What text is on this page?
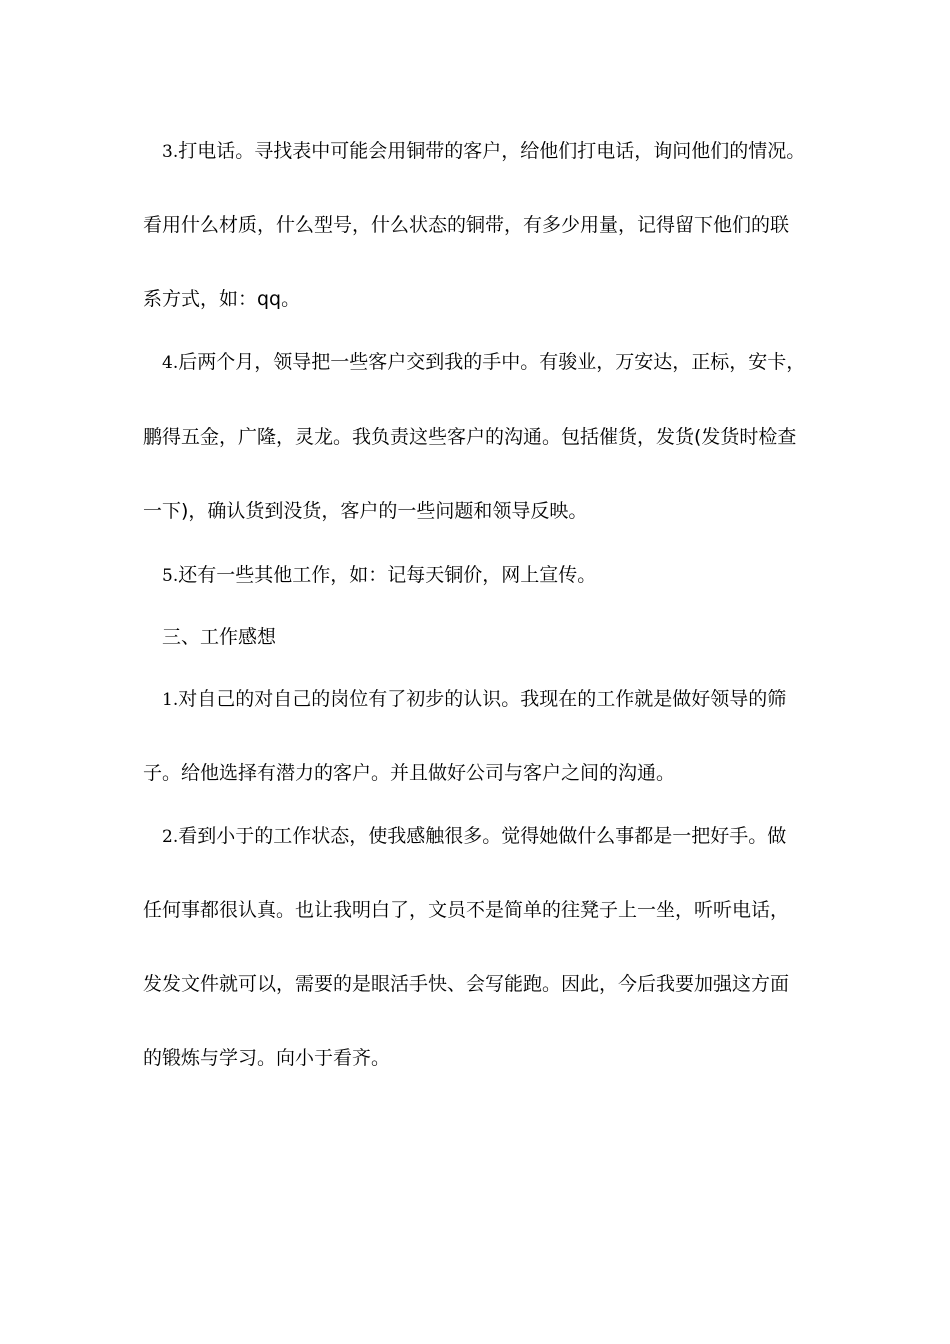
3.打电话。寻找表中可能会用铜带的客户，给他们打电话，询问他们的情况。
看用什么材质，什么型号，什么状态的铜带，有多少用量，记得留下他们的联
系方式，如：qq。
4.后两个月，领导把一些客户交到我的手中。有骏业，万安达，正标，安卡，
鹏得五金，广隆，灵龙。我负责这些客户的沟通。包括催货，发货(发货时检查
一下)，确认货到没货，客户的一些问题和领导反映。
5.还有一些其他工作，如：记每天铜价，网上宣传。
三、工作感想
1.对自己的对自己的岗位有了初步的认识。我现在的工作就是做好领导的筛
子。给他选择有潜力的客户。并且做好公司与客户之间的沟通。
2.看到小于的工作状态，使我感触很多。觉得她做什么事都是一把好手。做
任何事都很认真。也让我明白了，文员不是简单的往凳子上一坐，听听电话，
发发文件就可以，需要的是眼活手快、会写能跑。因此，今后我要加强这方面
的锻炼与学习。向小于看齐。
